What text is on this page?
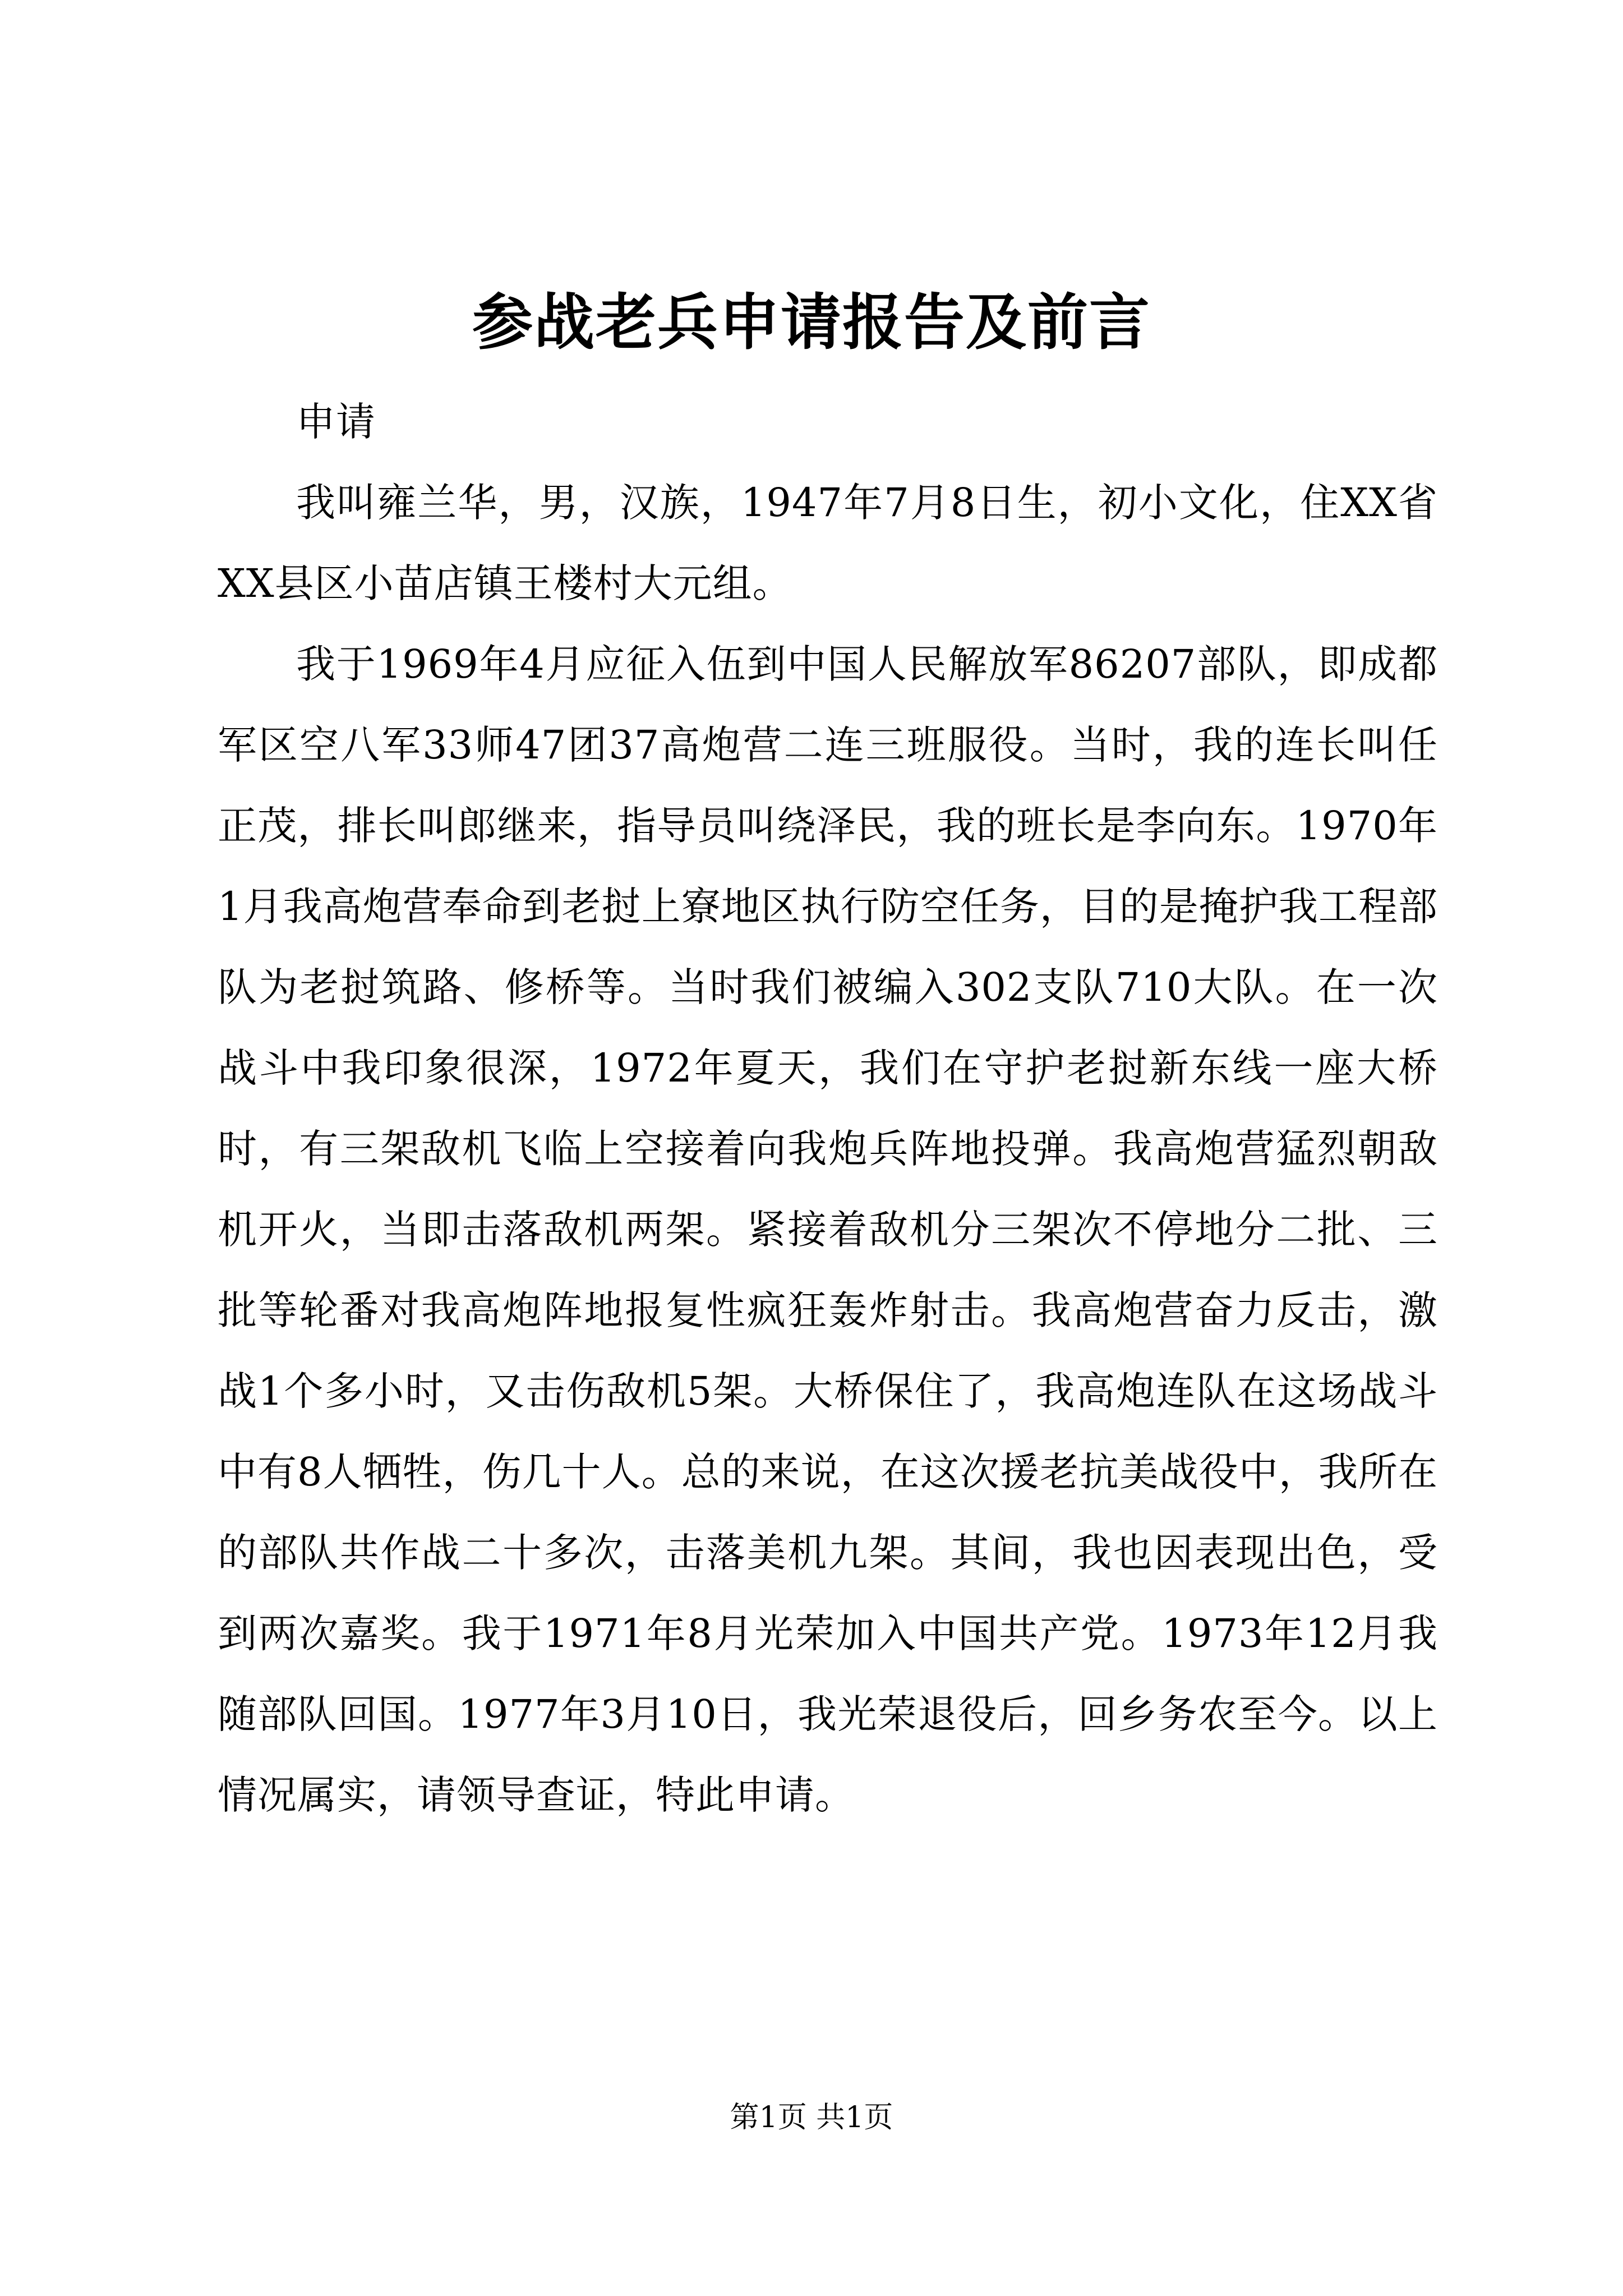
参战老兵申请报告及前言

申请

我叫雍兰华，男，汉族，1947年7月8日生，初小文化，住XX省XX县区小苗店镇王楼村大元组。

我于1969年4月应征入伍到中国人民解放军86207部队，即成都军区空八军33师47团37高炮营二连三班服役。当时，我的连长叫任正茂，排长叫郎继来，指导员叫绕泽民，我的班长是李向东。1970年1月我高炮营奉命到老挝上寮地区执行防空任务，目的是掩护我工程部队为老挝筑路、修桥等。当时我们被编入302支队710大队。在一次战斗中我印象很深，1972年夏天，我们在守护老挝新东线一座大桥时，有三架敌机飞临上空接着向我炮兵阵地投弹。我高炮营猛烈朝敌机开火，当即击落敌机两架。紧接着敌机分三架次不停地分二批、三批等轮番对我高炮阵地报复性疯狂轰炸射击。我高炮营奋力反击，激战1个多小时，又击伤敌机5架。大桥保住了，我高炮连队在这场战斗中有8人牺牲，伤几十人。总的来说，在这次援老抗美战役中，我所在的部队共作战二十多次，击落美机九架。其间，我也因表现出色，受到两次嘉奖。我于1971年8月光荣加入中国共产党。1973年12月我随部队回国。1977年3月10日，我光荣退役后，回乡务农至今。以上情况属实，请领导查证，特此申请。

第1页 共1页
